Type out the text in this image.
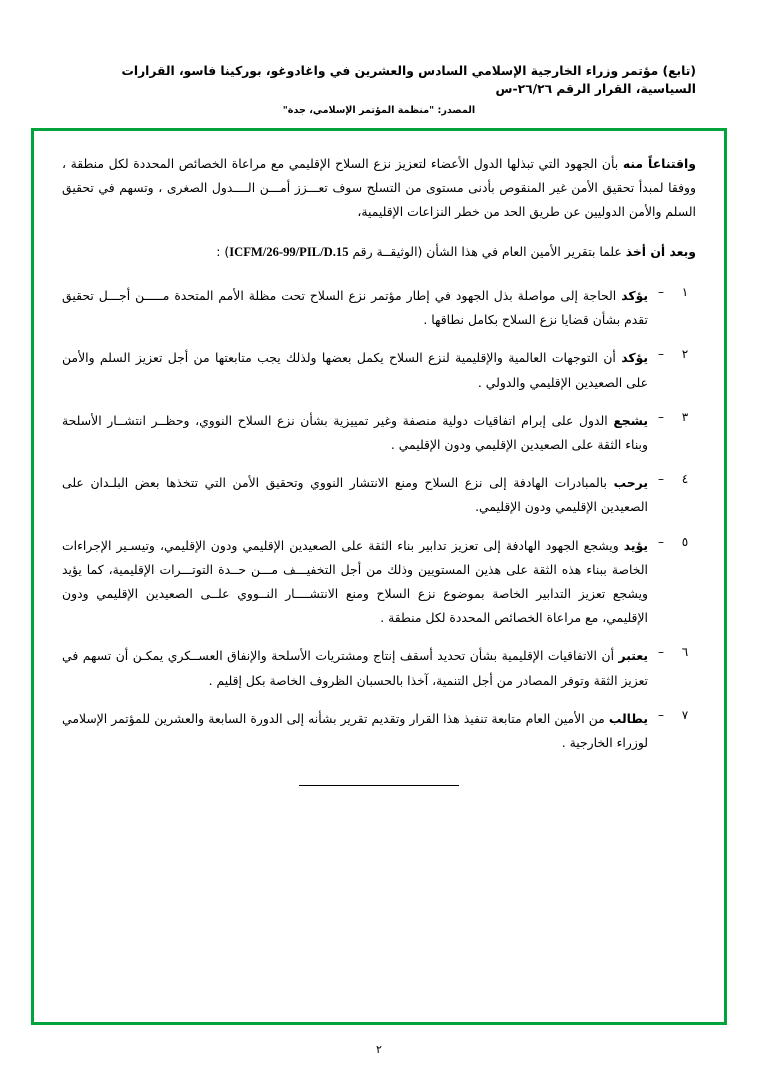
(تابع) مؤتمر وزراء الخارجية الإسلامي السادس والعشرين في واغادوغو، بوركينا فاسو، القرارات السياسية، القرار الرقم ٢٦/٢٦-س
المصدر: "منظمة المؤتمر الإسلامي، جدة"
واقتناعاً منه بأن الجهود التي تبذلها الدول الأعضاء لتعزيز نزع السلاح الإقليمي مع مراعاة الخصائص المحددة لكل منطقة ، ووفقا لمبدأ تحقيق الأمن غير المنقوص بأدنى مستوى من التسلح سوف تعـــزز أمـــن الــــدول الصغرى ، وتسهم في تحقيق السلم والأمن الدوليين عن طريق الحد من خطر النزاعات الإقليمية،
وبعد أن أخذ علما بتقرير الأمين العام في هذا الشأن (الوثيقــة رقم ICFM/26-99/PIL/D.15) :
١
–
يؤكد الحاجة إلى مواصلة بذل الجهود في إطار مؤتمر نزع السلاح تحت مظلة الأمم المتحدة مـــــن أجـــل تحقيق تقدم بشأن قضايا نزع السلاح بكامل نطاقها .
٢
–
يؤكد أن التوجهات العالمية والإقليمية لنزع السلاح يكمل بعضها ولذلك يجب متابعتها من أجل تعزيز السلم والأمن على الصعيدين الإقليمي والدولي .
٣
–
يشجع الدول على إبرام اتفاقيات دولية منصفة وغير تمييزية بشأن نزع السلاح النووي، وحظــر انتشــار الأسلحة وبناء الثقة على الصعيدين الإقليمي ودون الإقليمي .
٤
–
يرحب بالمبادرات الهادفة إلى نزع السلاح ومنع الانتشار النووي وتحقيق الأمن التي تتخذها بعض البلـدان على الصعيدين الإقليمي ودون الإقليمي.
٥
–
يؤيد ويشجع الجهود الهادفة إلى تعزيز تدابير بناء الثقة على الصعيدين الإقليمي ودون الإقليمي، وتيسـير الإجراءات الخاصة ببناء هذه الثقة على هذين المستويين وذلك من أجل التخفيـــف مـــن حــدة التوتـــرات الإقليمية، كما يؤيد ويشجع تعزيز التدابير الخاصة بموضوع نزع السلاح ومنع الانتشــــار النــووي علــى الصعيدين الإقليمي ودون الإقليمي، مع مراعاة الخصائص المحددة لكل منطقة .
٦
–
يعتبر أن الاتفاقيات الإقليمية بشأن تحديد أسقف إنتاج ومشتريات الأسلحة والإنفاق العســكري يمكـن أن تسهم في تعزيز الثقة وتوفر المصادر من أجل التنمية، آخذا بالحسبان الظروف الخاصة بكل إقليم .
٧
–
يطالب من الأمين العام متابعة تنفيذ هذا القرار وتقديم تقرير بشأنه إلى الدورة السابعة والعشرين للمؤتمر الإسلامي لوزراء الخارجية .
٢
